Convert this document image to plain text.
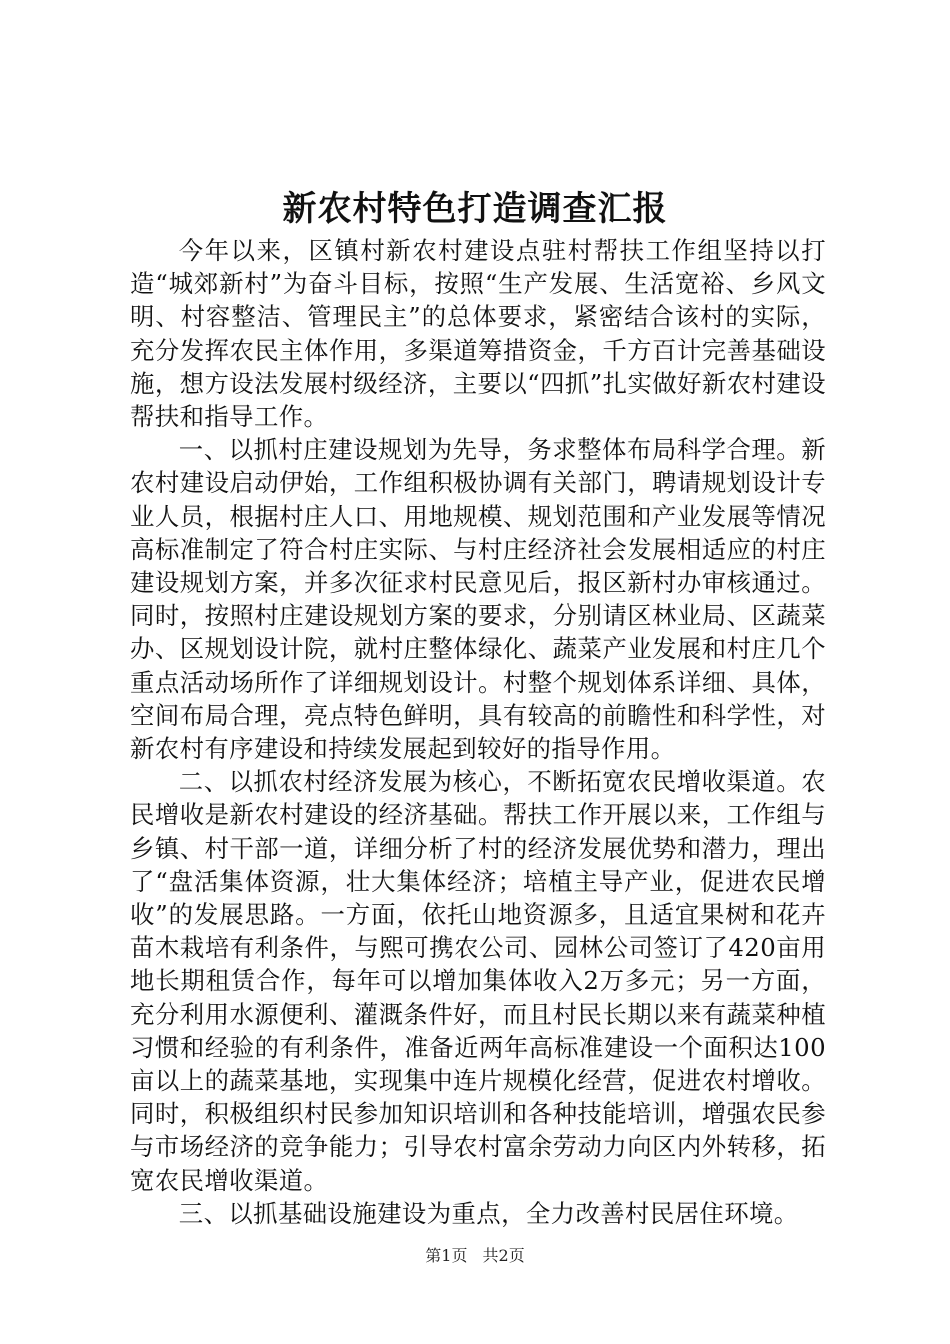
新农村特色打造调查汇报

今年以来，区镇村新农村建设点驻村帮扶工作组坚持以打造“城郊新村”为奋斗目标，按照“生产发展、生活宽裕、乡风文明、村容整洁、管理民主”的总体要求，紧密结合该村的实际，充分发挥农民主体作用，多渠道筹措资金，千方百计完善基础设施，想方设法发展村级经济，主要以“四抓”扎实做好新农村建设帮扶和指导工作。

一、以抓村庄建设规划为先导，务求整体布局科学合理。新农村建设启动伊始，工作组积极协调有关部门，聘请规划设计专业人员，根据村庄人口、用地规模、规划范围和产业发展等情况高标准制定了符合村庄实际、与村庄经济社会发展相适应的村庄建设规划方案，并多次征求村民意见后，报区新村办审核通过。同时，按照村庄建设规划方案的要求，分别请区林业局、区蔬菜办、区规划设计院，就村庄整体绿化、蔬菜产业发展和村庄几个重点活动场所作了详细规划设计。村整个规划体系详细、具体，空间布局合理，亮点特色鲜明，具有较高的前瞻性和科学性，对新农村有序建设和持续发展起到较好的指导作用。

二、以抓农村经济发展为核心，不断拓宽农民增收渠道。农民增收是新农村建设的经济基础。帮扶工作开展以来，工作组与乡镇、村干部一道，详细分析了村的经济发展优势和潜力，理出了“盘活集体资源，壮大集体经济；培植主导产业，促进农民增收”的发展思路。一方面，依托山地资源多，且适宜果树和花卉苗木栽培有利条件，与熙可携农公司、园林公司签订了420亩用地长期租赁合作，每年可以增加集体收入2万多元；另一方面，充分利用水源便利、灌溉条件好，而且村民长期以来有蔬菜种植习惯和经验的有利条件，准备近两年高标准建设一个面积达100亩以上的蔬菜基地，实现集中连片规模化经营，促进农村增收。同时，积极组织村民参加知识培训和各种技能培训，增强农民参与市场经济的竞争能力；引导农村富余劳动力向区内外转移，拓宽农民增收渠道。

三、以抓基础设施建设为重点，全力改善村民居住环境。

第1页 共2页
